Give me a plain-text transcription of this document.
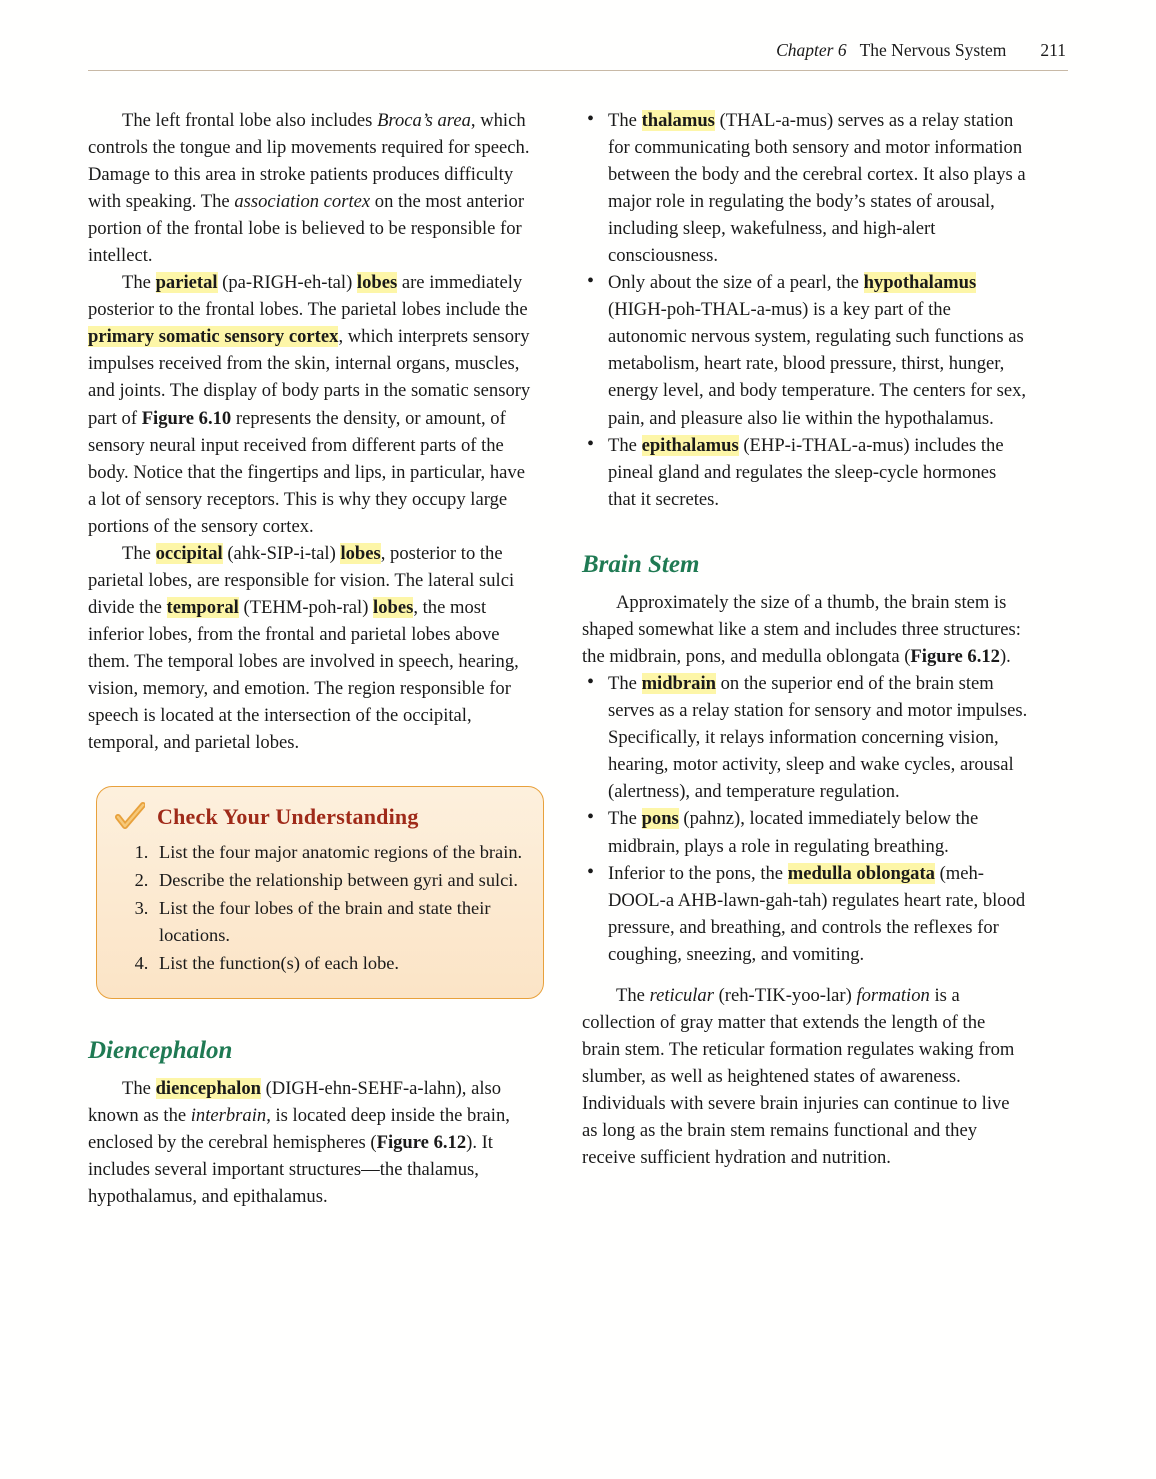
Chapter 6 The Nervous System 211

The left frontal lobe also includes Broca’s area, which controls the tongue and lip movements required for speech. Damage to this area in stroke patients produces difficulty with speaking. The association cortex on the most anterior portion of the frontal lobe is believed to be responsible for intellect.

The parietal (pa-RIGH-eh-tal) lobes are immediately posterior to the frontal lobes. The parietal lobes include the primary somatic sensory cortex, which interprets sensory impulses received from the skin, internal organs, muscles, and joints. The display of body parts in the somatic sensory part of Figure 6.10 represents the density, or amount, of sensory neural input received from different parts of the body. Notice that the fingertips and lips, in particular, have a lot of sensory receptors. This is why they occupy large portions of the sensory cortex.

The occipital (ahk-SIP-i-tal) lobes, posterior to the parietal lobes, are responsible for vision. The lateral sulci divide the temporal (TEHM-poh-ral) lobes, the most inferior lobes, from the frontal and parietal lobes above them. The temporal lobes are involved in speech, hearing, vision, memory, and emotion. The region responsible for speech is located at the intersection of the occipital, temporal, and parietal lobes.

Check Your Understanding
1. List the four major anatomic regions of the brain.
2. Describe the relationship between gyri and sulci.
3. List the four lobes of the brain and state their locations.
4. List the function(s) of each lobe.
Diencephalon

The diencephalon (DIGH-ehn-SEHF-a-lahn), also known as the interbrain, is located deep inside the brain, enclosed by the cerebral hemispheres (Figure 6.12). It includes several important structures—the thalamus, hypothalamus, and epithalamus.

• The thalamus (THAL-a-mus) serves as a relay station for communicating both sensory and motor information between the body and the cerebral cortex. It also plays a major role in regulating the body’s states of arousal, including sleep, wakefulness, and high-alert consciousness.
• Only about the size of a pearl, the hypothalamus (HIGH-poh-THAL-a-mus) is a key part of the autonomic nervous system, regulating such functions as metabolism, heart rate, blood pressure, thirst, hunger, energy level, and body temperature. The centers for sex, pain, and pleasure also lie within the hypothalamus.
• The epithalamus (EHP-i-THAL-a-mus) includes the pineal gland and regulates the sleep-cycle hormones that it secretes.
Brain Stem

Approximately the size of a thumb, the brain stem is shaped somewhat like a stem and includes three structures: the midbrain, pons, and medulla oblongata (Figure 6.12).

• The midbrain on the superior end of the brain stem serves as a relay station for sensory and motor impulses. Specifically, it relays information concerning vision, hearing, motor activity, sleep and wake cycles, arousal (alertness), and temperature regulation.
• The pons (pahnz), located immediately below the midbrain, plays a role in regulating breathing.
• Inferior to the pons, the medulla oblongata (meh-DOOL-a AHB-lawn-gah-tah) regulates heart rate, blood pressure, and breathing, and controls the reflexes for coughing, sneezing, and vomiting.

The reticular (reh-TIK-yoo-lar) formation is a collection of gray matter that extends the length of the brain stem. The reticular formation regulates waking from slumber, as well as heightened states of awareness. Individuals with severe brain injuries can continue to live as long as the brain stem remains functional and they receive sufficient hydration and nutrition.
